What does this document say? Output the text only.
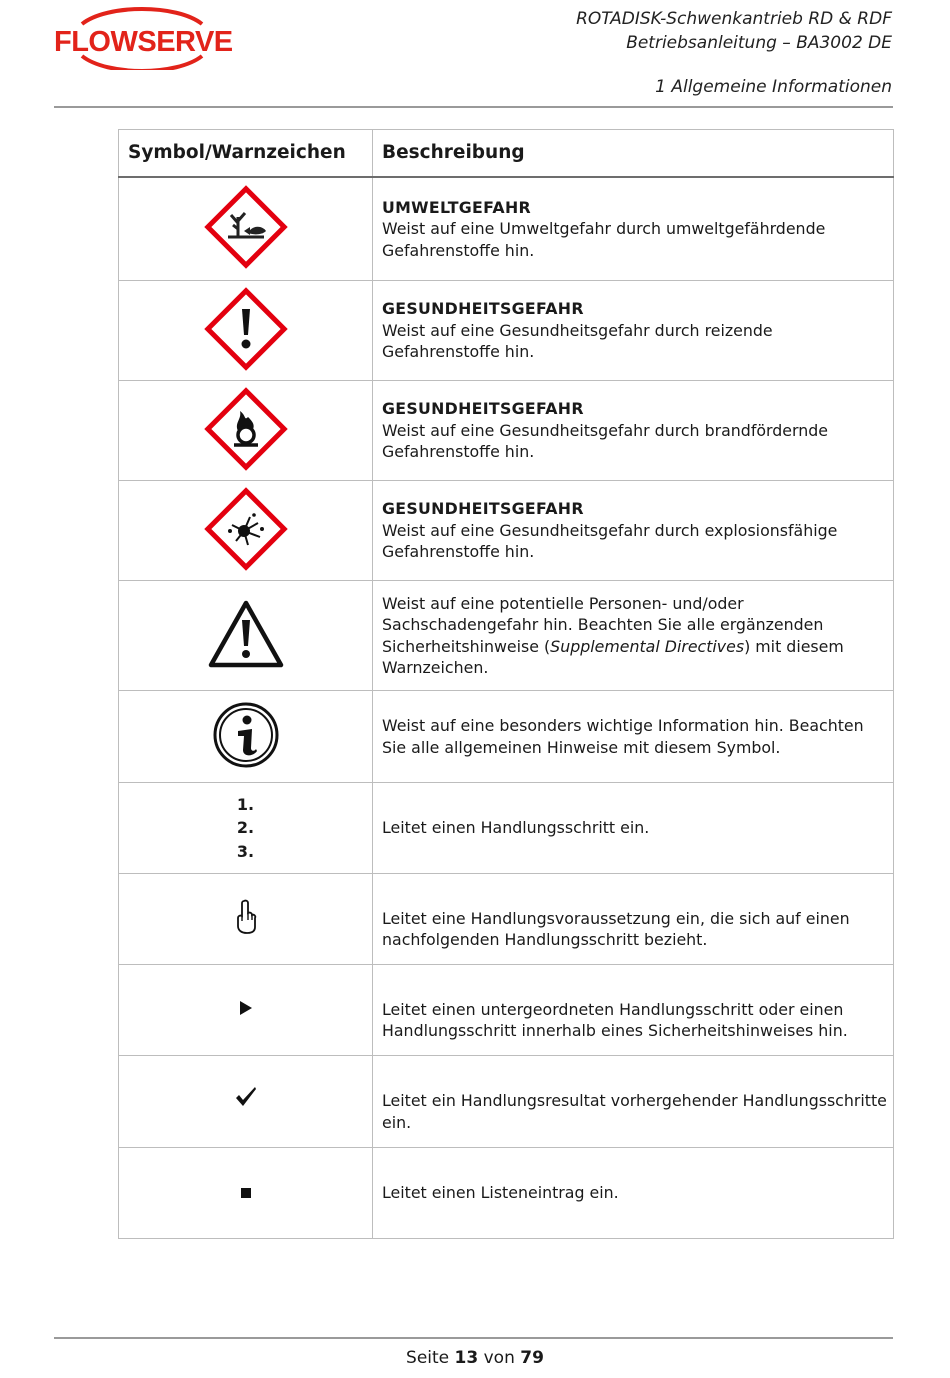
FLOWSERVE
ROTADISK-Schwenkantrieb RD & RDF
Betriebsanleitung – BA3002 DE
1 Allgemeine Informationen
Symbol/Warnzeichen	Beschreibung

UMWELTGEFAHR
Weist auf eine Umweltgefahr durch umweltgefährdende Gefahrenstoffe hin.

GESUNDHEITSGEFAHR
Weist auf eine Gesundheitsgefahr durch reizende Gefahrenstoffe hin.

GESUNDHEITSGEFAHR
Weist auf eine Gesundheitsgefahr durch brandfördernde Gefahrenstoffe hin.

GESUNDHEITSGEFAHR
Weist auf eine Gesundheitsgefahr durch explosionsfähige Gefahrenstoffe hin.

	Weist auf eine potentielle Personen- und/oder Sachschadengefahr hin. Beachten Sie alle ergänzenden Sicherheitshinweise (Supplemental Directives) mit diesem Warnzeichen.

Weist auf eine besonders wichtige Information hin. Beachten Sie alle allgemeinen Hinweise mit diesem Symbol.

1.
2.
3.	Leitet einen Handlungsschritt ein.

Leitet eine Handlungsvoraussetzung ein, die sich auf einen nachfolgenden Handlungsschritt bezieht.

Leitet einen untergeordneten Handlungsschritt oder einen Handlungsschritt innerhalb eines Sicherheitshinweises hin.

Leitet ein Handlungsresultat vorhergehender Handlungsschritte ein.

Leitet einen Listeneintrag ein.
Seite 13 von 79
